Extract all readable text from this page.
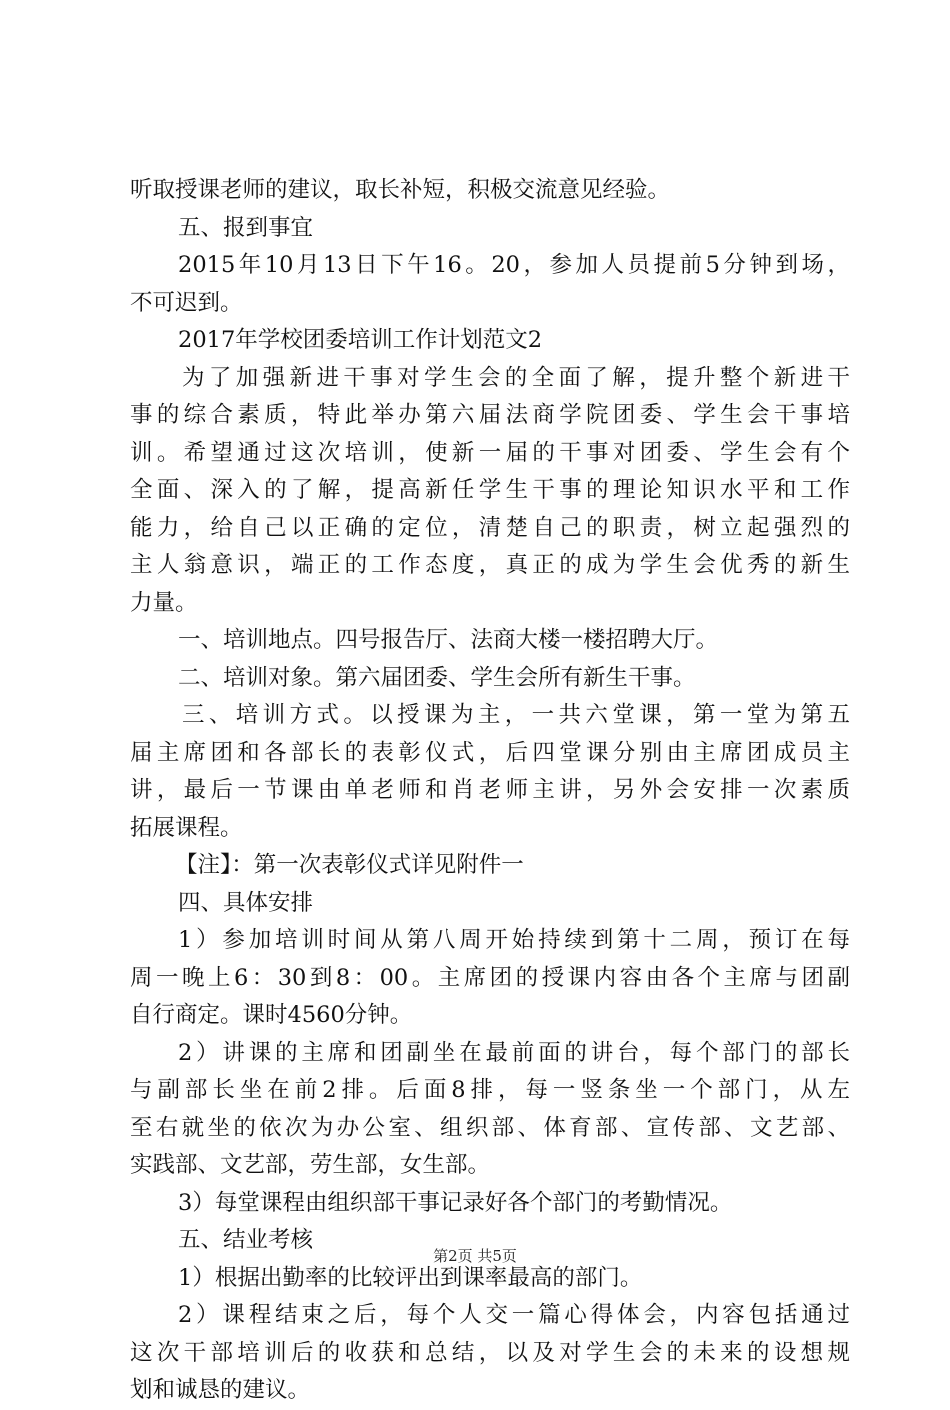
听取授课老师的建议，取长补短，积极交流意见经验。
五、报到事宜
2015年10月13日下午16。20，参加人员提前5分钟到场，
不可迟到。
2017年学校团委培训工作计划范文2
为了加强新进干事对学生会的全面了解，提升整个新进干
事的综合素质，特此举办第六届法商学院团委、学生会干事培
训。希望通过这次培训，使新一届的干事对团委、学生会有个
全面、深入的了解，提高新任学生干事的理论知识水平和工作
能力，给自己以正确的定位，清楚自己的职责，树立起强烈的
主人翁意识，端正的工作态度，真正的成为学生会优秀的新生
力量。
一、培训地点。四号报告厅、法商大楼一楼招聘大厅。
二、培训对象。第六届团委、学生会所有新生干事。
三、培训方式。以授课为主，一共六堂课，第一堂为第五
届主席团和各部长的表彰仪式，后四堂课分别由主席团成员主
讲，最后一节课由单老师和肖老师主讲，另外会安排一次素质
拓展课程。
【注】：第一次表彰仪式详见附件一
四、具体安排
1）参加培训时间从第八周开始持续到第十二周，预订在每
周一晚上6：30到8：00。主席团的授课内容由各个主席与团副
自行商定。课时4560分钟。
2）讲课的主席和团副坐在最前面的讲台，每个部门的部长
与副部长坐在前2排。后面8排，每一竖条坐一个部门，从左
至右就坐的依次为办公室、组织部、体育部、宣传部、文艺部、
实践部、文艺部，劳生部，女生部。
3）每堂课程由组织部干事记录好各个部门的考勤情况。
五、结业考核
1）根据出勤率的比较评出到课率最高的部门。
2）课程结束之后，每个人交一篇心得体会，内容包括通过
这次干部培训后的收获和总结，以及对学生会的未来的设想规
划和诚恳的建议。
第2页 共5页
